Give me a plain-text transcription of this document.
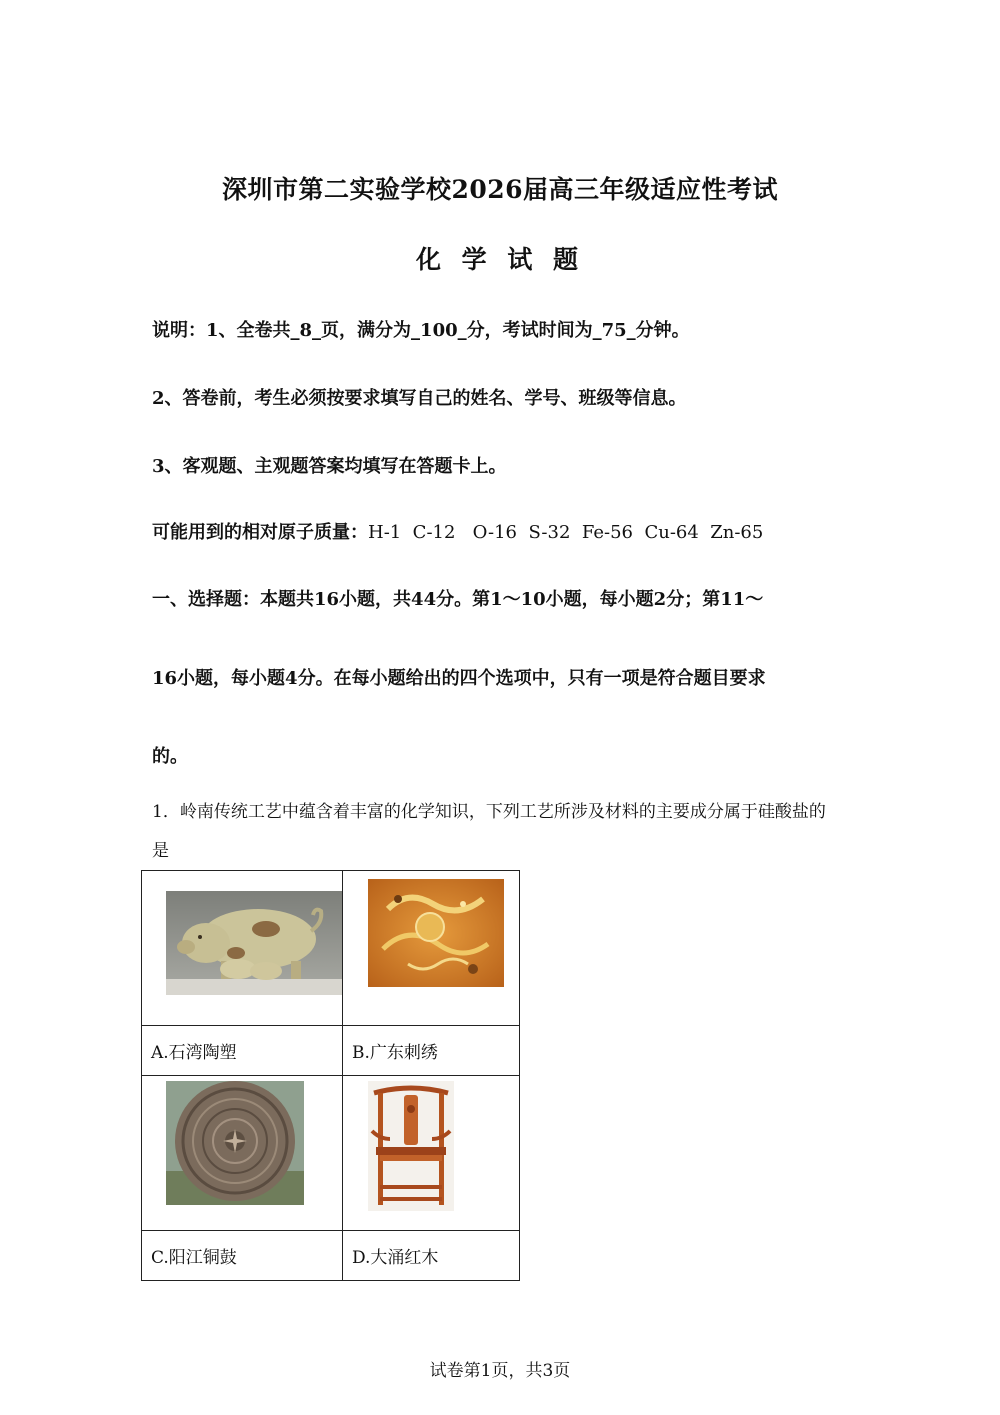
深圳市第二实验学校2026届高三年级适应性考试
化 学 试 题
说明：1、全卷共_8_页，满分为_100_分，考试时间为_75_分钟。
2、答卷前，考生必须按要求填写自己的姓名、学号、班级等信息。
3、客观题、主观题答案均填写在答题卡上。
可能用到的相对原子质量：H-1  C-12   O-16  S-32  Fe-56  Cu-64  Zn-65
一、选择题：本题共16小题，共44分。第1～10小题，每小题2分；第11～
16小题，每小题4分。在每小题给出的四个选项中，只有一项是符合题目要求
的。
1．岭南传统工艺中蕴含着丰富的化学知识，下列工艺所涉及材料的主要成分属于硅酸盐的
是

A.石湾陶塑	B.广东刺绣

C.阳江铜鼓	D.大涌红木
试卷第1页，共3页
